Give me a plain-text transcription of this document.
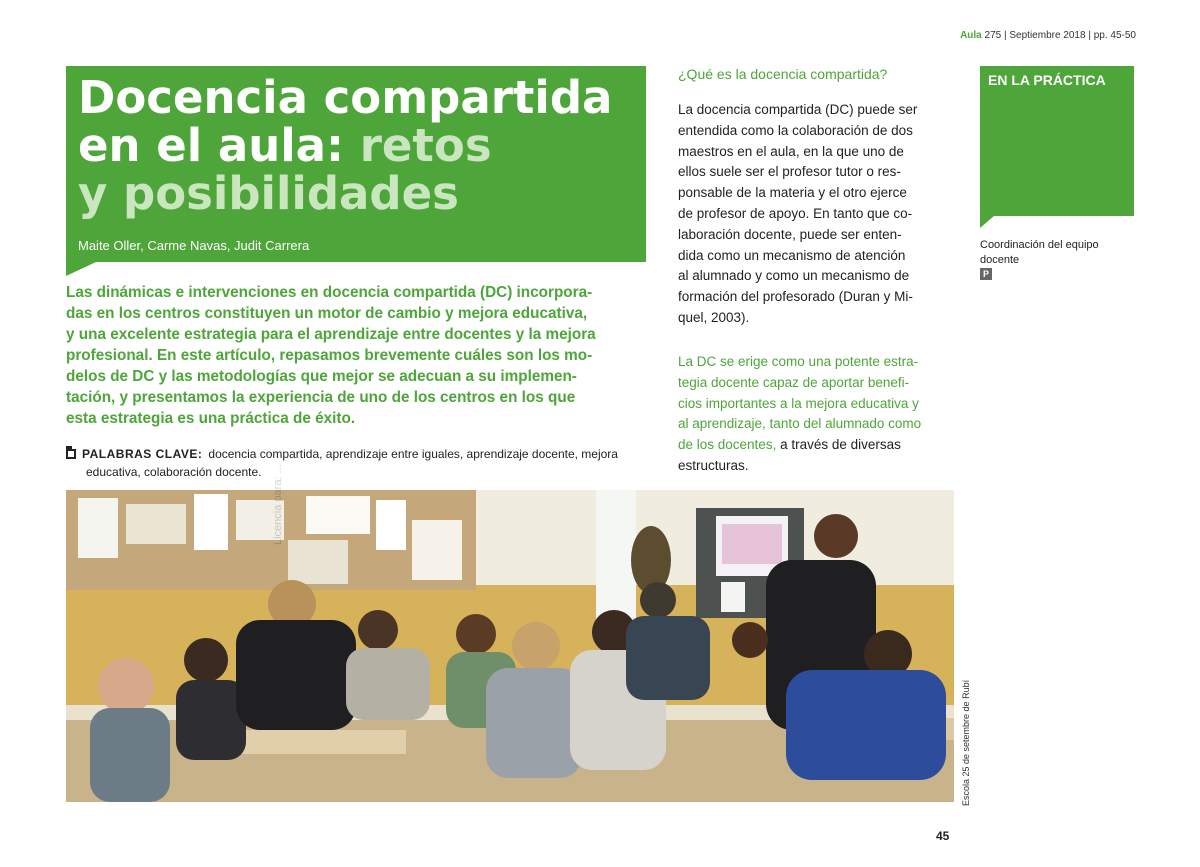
Aula 275 | Septiembre 2018 | pp. 45-50
Docencia compartida
en el aula: retos
y posibilidades
Maite Oller, Carme Navas, Judit Carrera
Las dinámicas e intervenciones en docencia compartida (DC) incorpora-
das en los centros constituyen un motor de cambio y mejora educativa,
y una excelente estrategia para el aprendizaje entre docentes y la mejora
profesional. En este artículo, repasamos brevemente cuáles son los mo-
delos de DC y las metodologías que mejor se adecuan a su implemen-
tación, y presentamos la experiencia de uno de los centros en los que
esta estrategia es una práctica de éxito.
PALABRAS CLAVE: docencia compartida, aprendizaje entre iguales, aprendizaje docente, mejora
educativa, colaboración docente. Licencia para: ...
Escola 25 de setembre de Rubí
¿Qué es la docencia compartida?
La docencia compartida (DC) puede ser
entendida como la colaboración de dos
maestros en el aula, en la que uno de
ellos suele ser el profesor tutor o res-
ponsable de la materia y el otro ejerce
de profesor de apoyo. En tanto que co-
laboración docente, puede ser enten-
dida como un mecanismo de atención
al alumnado y como un mecanismo de
formación del profesorado (Duran y Mi-
quel, 2003).
La DC se erige como una potente estra-
tegia docente capaz de aportar benefi-
cios importantes a la mejora educativa y
al aprendizaje, tanto del alumnado como
de los docentes, a través de diversas
estructuras.
EN LA PRÁCTICA
Coordinación del equipo docente
P
45
